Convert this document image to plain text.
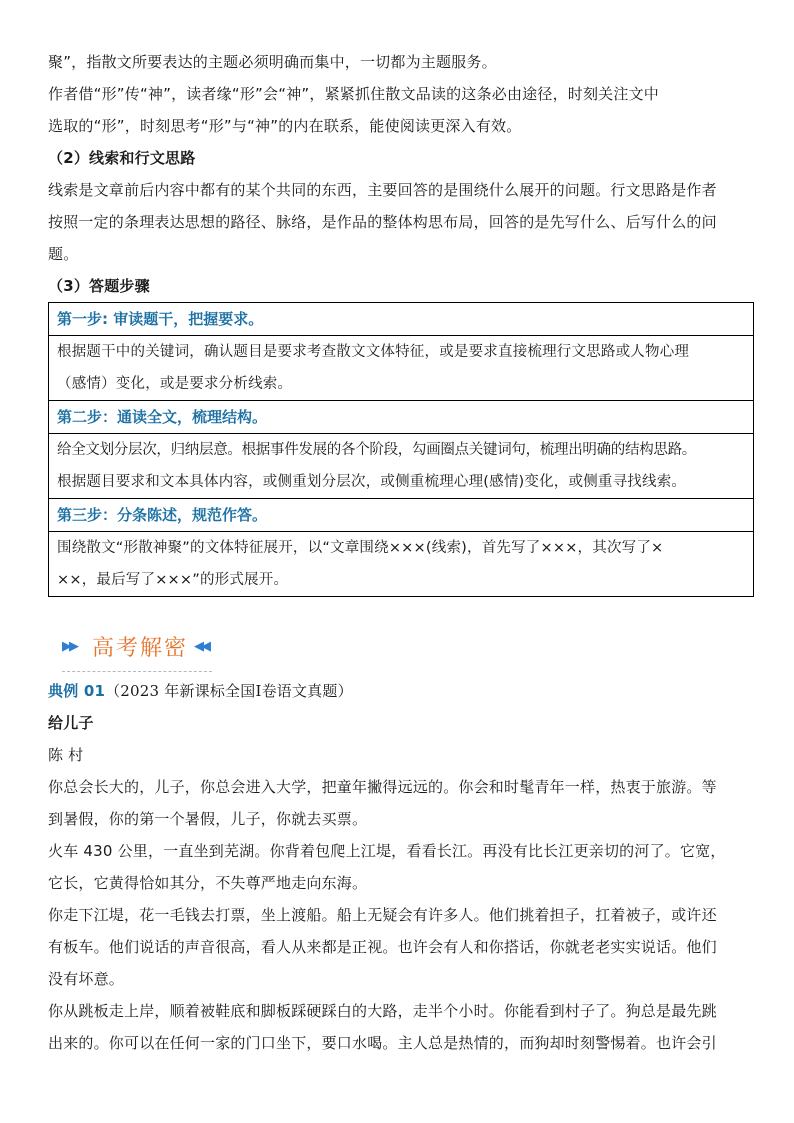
聚”，指散文所要表达的主题必须明确而集中，一切都为主题服务。

作者借“形”传“神”，读者缘“形”会“神”，紧紧抓住散文品读的这条必由途径，时刻关注文中

选取的“形”，时刻思考“形”与“神”的内在联系，能使阅读更深入有效。

（2）线索和行文思路

线索是文章前后内容中都有的某个共同的东西，主要回答的是围绕什么展开的问题。行文思路是作者

按照一定的条理表达思想的路径、脉络，是作品的整体构思布局，回答的是先写什么、后写什么的问

题。

（3）答题步骤

第一步: 审读题干，把握要求。

根据题干中的关键词，确认题目是要求考查散文文体特征，或是要求直接梳理行文思路或人物心理

（感情）变化，或是要求分析线索。

第二步：通读全文，梳理结构。

给全文划分层次，归纳层意。根据事件发展的各个阶段，勾画圈点关键词句，梳理出明确的结构思路。

根据题目要求和文本具体内容，或侧重划分层次，或侧重梳理心理(感情)变化，或侧重寻找线索。

第三步：分条陈述，规范作答。

围绕散文“形散神聚”的文体特征展开，以“文章围绕×××(线索)，首先写了×××，其次写了×

××，最后写了×××”的形式展开。

▶▶ 高考解密 ◀◀

典例 01（2023 年新课标全国Ⅰ卷语文真题）

给儿子

陈 村

你总会长大的，儿子，你总会进入大学，把童年撇得远远的。你会和时髦青年一样，热衷于旅游。等

到暑假，你的第一个暑假，儿子，你就去买票。

火车 430 公里，一直坐到芜湖。你背着包爬上江堤，看看长江。再没有比长江更亲切的河了。它宽，

它长，它黄得恰如其分，不失尊严地走向东海。

你走下江堤，花一毛钱去打票，坐上渡船。船上无疑会有许多人。他们挑着担子，扛着被子，或许还

有板车。他们说话的声音很高，看人从来都是正视。也许会有人和你搭话，你就老老实实说话。他们

没有坏意。

你从跳板走上岸，顺着被鞋底和脚板踩硬踩白的大路，走半个小时。你能看到村子了。狗总是最先跳

出来的。你可以在任何一家的门口坐下，要口水喝。主人总是热情的，而狗却时刻警惕着。也许会引
